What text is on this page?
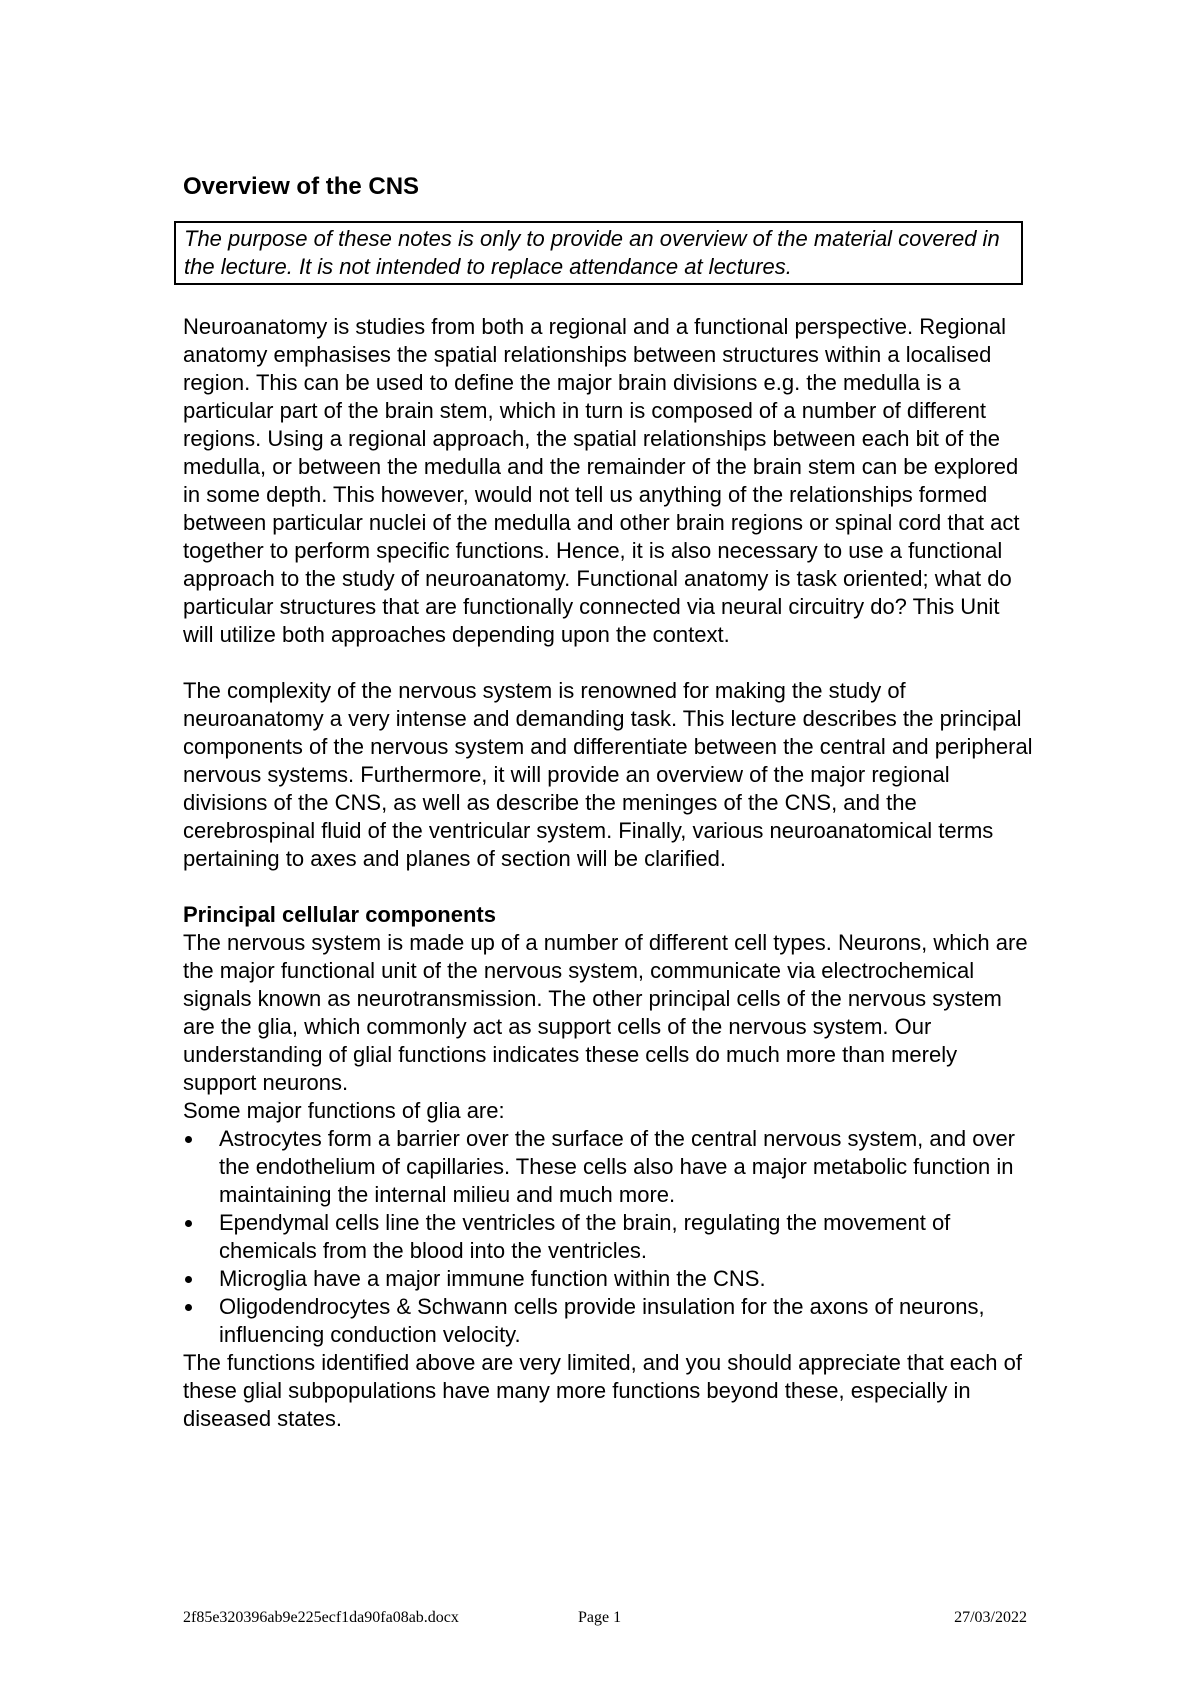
Overview of the CNS
The purpose of these notes is only to provide an overview of the material covered in the lecture. It is not intended to replace attendance at lectures.

Neuroanatomy is studies from both a regional and a functional perspective. Regional anatomy emphasises the spatial relationships between structures within a localised region. This can be used to define the major brain divisions e.g. the medulla is a particular part of the brain stem, which in turn is composed of a number of different regions. Using a regional approach, the spatial relationships between each bit of the medulla, or between the medulla and the remainder of the brain stem can be explored in some depth. This however, would not tell us anything of the relationships formed between particular nuclei of the medulla and other brain regions or spinal cord that act together to perform specific functions. Hence, it is also necessary to use a functional approach to the study of neuroanatomy. Functional anatomy is task oriented; what do particular structures that are functionally connected via neural circuitry do? This Unit will utilize both approaches depending upon the context.

The complexity of the nervous system is renowned for making the study of neuroanatomy a very intense and demanding task. This lecture describes the principal components of the nervous system and differentiate between the central and peripheral nervous systems. Furthermore, it will provide an overview of the major regional divisions of the CNS, as well as describe the meninges of the CNS, and the cerebrospinal fluid of the ventricular system. Finally, various neuroanatomical terms pertaining to axes and planes of section will be clarified.

Principal cellular components

The nervous system is made up of a number of different cell types. Neurons, which are the major functional unit of the nervous system, communicate via electrochemical signals known as neurotransmission. The other principal cells of the nervous system are the glia, which commonly act as support cells of the nervous system. Our understanding of glial functions indicates these cells do much more than merely support neurons.

Some major functions of glia are:

Astrocytes form a barrier over the surface of the central nervous system, and over the endothelium of capillaries. These cells also have a major metabolic function in maintaining the internal milieu and much more.
Ependymal cells line the ventricles of the brain, regulating the movement of chemicals from the blood into the ventricles.
Microglia have a major immune function within the CNS.
Oligodendrocytes & Schwann cells provide insulation for the axons of neurons, influencing conduction velocity.

The functions identified above are very limited, and you should appreciate that each of these glial subpopulations have many more functions beyond these, especially in diseased states.

2f85e320396ab9e225ecf1da90fa08ab.docx	Page 1	27/03/2022
